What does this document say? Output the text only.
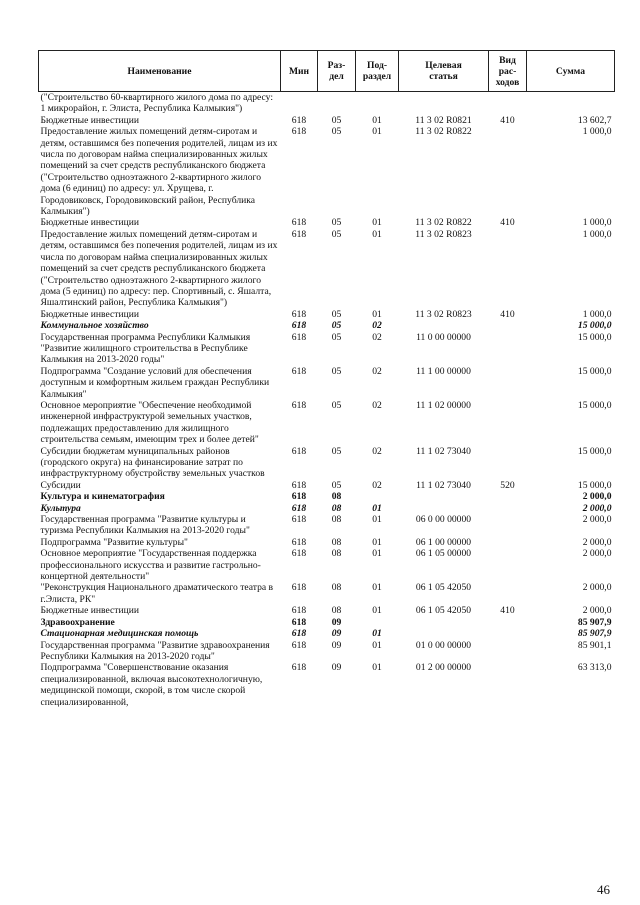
Наименование	Мин	Раз-
дел	Под-
раздел	Целевая
статья	Вид
рас-
ходов	Сумма
("Строительство 60-квартирного жилого дома по адресу: 1 микрорайон, г. Элиста, Республика Калмыкия")						
Бюджетные инвестиции	618	05	01	11 3 02 R0821	410	13 602,7
Предоставление жилых помещений детям-сиротам и детям, оставшимся без попечения родителей, лицам из их числа по договорам найма специализированных жилых помещений за счет средств республиканского бюджета ("Строительство одноэтажного 2-квартирного жилого дома (6 единиц) по адресу: ул. Хрущева, г. Городовиковск, Городовиковский район, Республика Калмыкия")	618	05	01	11 3 02 R0822		1 000,0
Бюджетные инвестиции	618	05	01	11 3 02 R0822	410	1 000,0
Предоставление жилых помещений детям-сиротам и детям, оставшимся без попечения родителей, лицам из их числа по договорам найма специализированных жилых помещений за счет средств республиканского бюджета ("Строительство одноэтажного 2-квартирного жилого дома (5 единиц) по адресу: пер. Спортивный, с. Яшалта, Яшалтинский район, Республика Калмыкия")	618	05	01	11 3 02 R0823		1 000,0
Бюджетные инвестиции	618	05	01	11 3 02 R0823	410	1 000,0
Коммунальное хозяйство	618	05	02			15 000,0
Государственная программа Республики Калмыкия "Развитие жилищного строительства в Республике Калмыкия на 2013-2020 годы"	618	05	02	11 0 00 00000		15 000,0
Подпрограмма "Создание условий для обеспечения доступным и комфортным жильем граждан Республики Калмыкия"	618	05	02	11 1 00 00000		15 000,0
Основное мероприятие "Обеспечение необходимой инженерной инфраструктурой земельных участков, подлежащих предоставлению для жилищного строительства семьям, имеющим трех и более детей"	618	05	02	11 1 02 00000		15 000,0
Субсидии бюджетам муниципальных районов (городского округа) на финансирование затрат по инфраструктурному обустройству земельных участков	618	05	02	11 1 02 73040		15 000,0
Субсидии	618	05	02	11 1 02 73040	520	15 000,0
Культура и кинематография	618	08				2 000,0
Культура	618	08	01			2 000,0
Государственная программа "Развитие культуры и туризма Республики Калмыкия на 2013-2020 годы"	618	08	01	06 0 00 00000		2 000,0
Подпрограмма "Развитие культуры"	618	08	01	06 1 00 00000		2 000,0
Основное мероприятие "Государственная поддержка профессионального искусства и развитие гастрольно-концертной деятельности"	618	08	01	06 1 05 00000		2 000,0
"Реконструкция Национального драматического театра в г.Элиста, РК"	618	08	01	06 1 05 42050		2 000,0
Бюджетные инвестиции	618	08	01	06 1 05 42050	410	2 000,0
Здравоохранение	618	09				85 907,9
Стационарная медицинская помощь	618	09	01			85 907,9
Государственная программа "Развитие здравоохранения Республики Калмыкия на 2013-2020 годы"	618	09	01	01 0 00 00000		85 901,1
Подпрограмма "Совершенствование оказания специализированной, включая высокотехнологичную, медицинской помощи, скорой, в том числе скорой специализированной,	618	09	01	01 2 00 00000		63 313,0
46
